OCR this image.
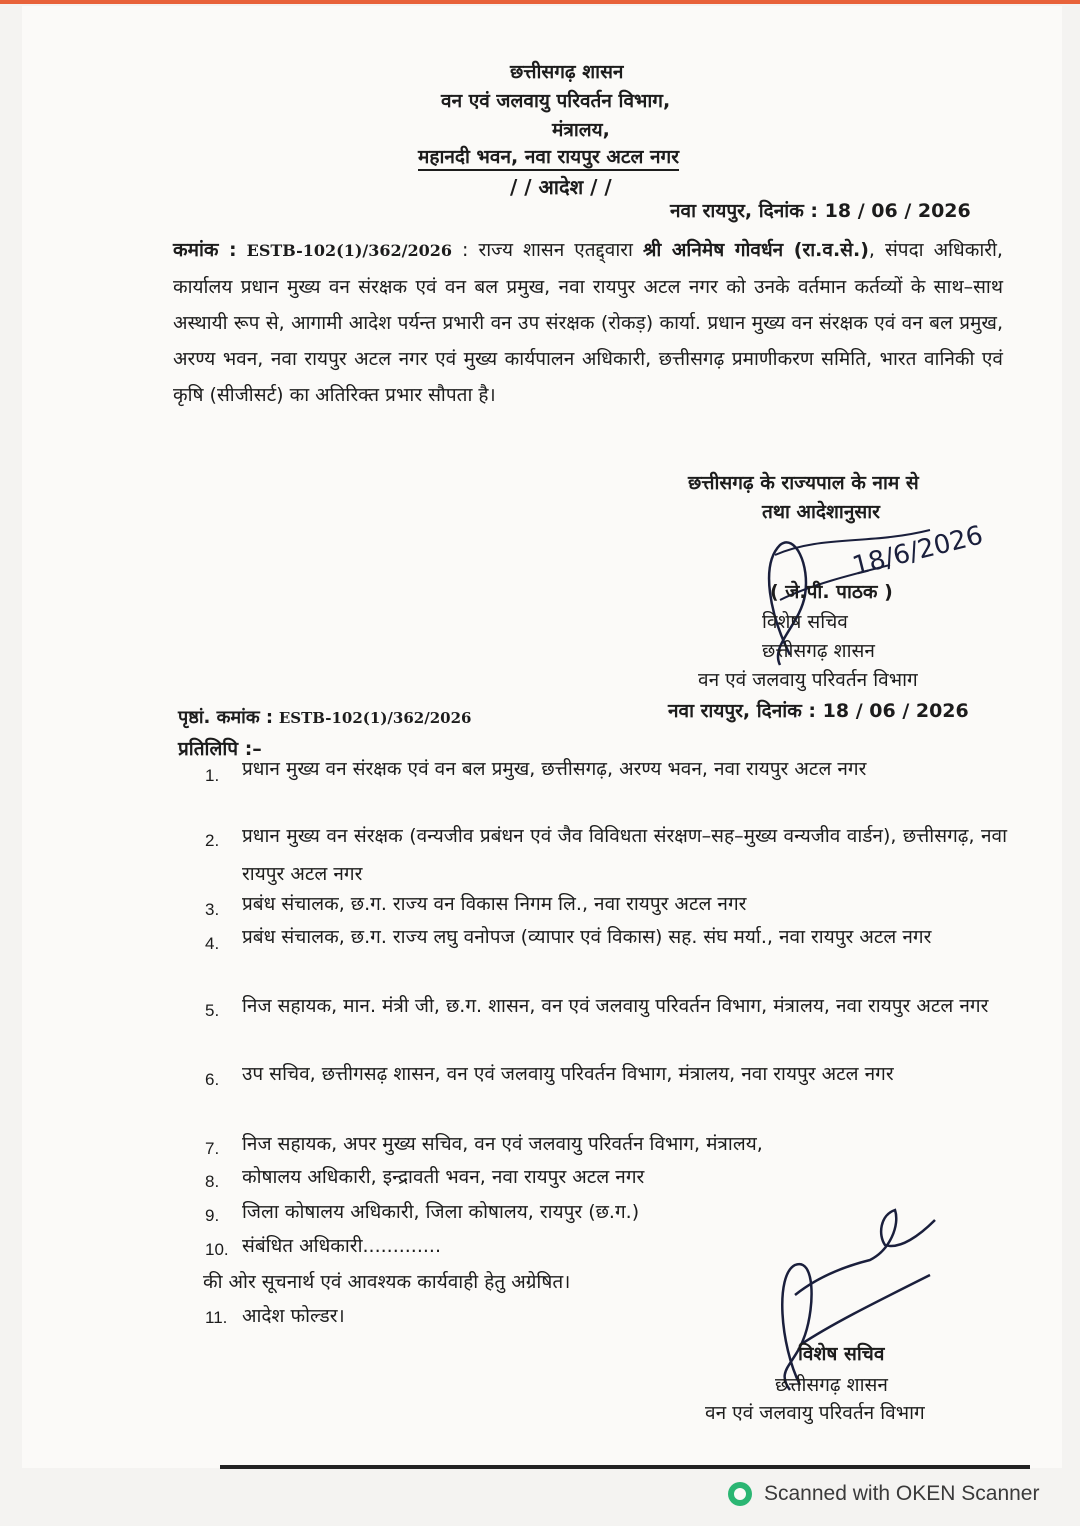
छत्तीसगढ़ शासन
वन एवं जलवायु परिवर्तन विभाग,
मंत्रालय,
महानदी भवन, नवा रायपुर अटल नगर
/ / आदेश / /
नवा रायपुर, दिनांक : 18 / 06 / 2026
कमांक : ESTB-102(1)/362/2026 : राज्य शासन एतद्द्वारा श्री अनिमेष गोवर्धन (रा.व.से.), संपदा अधिकारी, कार्यालय प्रधान मुख्य वन संरक्षक एवं वन बल प्रमुख, नवा रायपुर अटल नगर को उनके वर्तमान कर्तव्यों के साथ–साथ अस्थायी रूप से, आगामी आदेश पर्यन्त प्रभारी वन उप संरक्षक (रोकड़) कार्या. प्रधान मुख्य वन संरक्षक एवं वन बल प्रमुख, अरण्य भवन, नवा रायपुर अटल नगर एवं मुख्य कार्यपालन अधिकारी, छत्तीसगढ़ प्रमाणीकरण समिति, भारत वानिकी एवं कृषि (सीजीसर्ट) का अतिरिक्त प्रभार सौपता है।
छत्तीसगढ़ के राज्यपाल के नाम से
तथा आदेशानुसार
18/6/2026
( जे.पी. पाठक )
विशेष सचिव
छत्तीसगढ़ शासन
वन एवं जलवायु परिवर्तन विभाग
पृष्ठां. कमांक : ESTB-102(1)/362/2026	नवा रायपुर, दिनांक : 18 / 06 / 2026
प्रतिलिपि :–
1. प्रधान मुख्य वन संरक्षक एवं वन बल प्रमुख, छत्तीसगढ़, अरण्य भवन, नवा रायपुर अटल नगर
2. प्रधान मुख्य वन संरक्षक (वन्यजीव प्रबंधन एवं जैव विविधता संरक्षण–सह–मुख्य वन्यजीव वार्डन), छत्तीसगढ़, नवा रायपुर अटल नगर
3. प्रबंध संचालक, छ.ग. राज्य वन विकास निगम लि., नवा रायपुर अटल नगर
4. प्रबंध संचालक, छ.ग. राज्य लघु वनोपज (व्यापार एवं विकास) सह. संघ मर्या., नवा रायपुर अटल नगर
5. निज सहायक, मान. मंत्री जी, छ.ग. शासन, वन एवं जलवायु परिवर्तन विभाग, मंत्रालय, नवा रायपुर अटल नगर
6. उप सचिव, छत्तीगसढ़ शासन, वन एवं जलवायु परिवर्तन विभाग, मंत्रालय, नवा रायपुर अटल नगर
7. निज सहायक, अपर मुख्य सचिव, वन एवं जलवायु परिवर्तन विभाग, मंत्रालय,
8. कोषालय अधिकारी, इन्द्रावती भवन, नवा रायपुर अटल नगर
9. जिला कोषालय अधिकारी, जिला कोषालय, रायपुर (छ.ग.)
10. संबंधित अधिकारी.............
की ओर सूचनार्थ एवं आवश्यक कार्यवाही हेतु अग्रेषित।
11. आदेश फोल्डर।
विशेष सचिव
छत्तीसगढ़ शासन
वन एवं जलवायु परिवर्तन विभाग
Scanned with OKEN Scanner
